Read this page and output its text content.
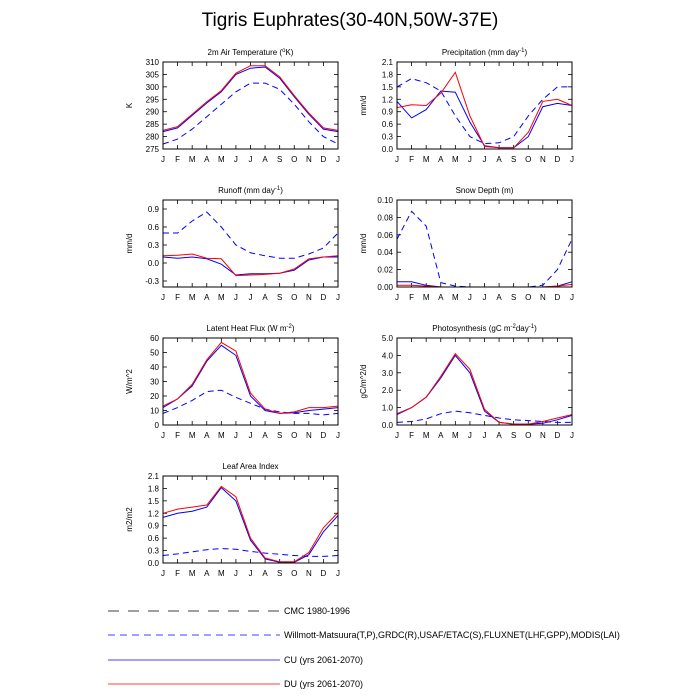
Tigris Euphrates(30-40N,50W-37E)
2m Air Temperature ($^o$K)
K
275
280
285
290
295
300
305
310
J F M A M J J A S O N D J
Precipitation (mm day$^{-1}$)
mm/d
0.0
0.3
0.6
0.9
1.2
1.5
1.8
2.1
J F M A M J J A S O N D J
Runoff (mm day$^{-1}$)
mm/d
-0.3
0.0
0.3
0.6
0.9
J F M A M J J A S O N D J
Snow Depth (m)
mm/d
0.00
0.02
0.04
0.06
0.08
0.10
J F M A M J J A S O N D J
Latent Heat Flux (W $m^{-2}$)
W/m^2
0
10
20
30
40
50
60
J F M A M J J A S O N D J
Photosynthesis (gC $m^{-2}day^{-1}$)
gC/m^2/d
0.0
1.0
2.0
3.0
4.0
5.0
J F M A M J J A S O N D J
Leaf Area Index
m2/m2
0.0
0.3
0.6
0.9
1.2
1.5
1.8
2.1
J F M A M J J A S O N D J
CMC 1980-1996
Willmott-Matsuura(T,P),GRDC(R),USAF/ETAC(S),FLUXNET(LHF,GPP),MODIS(LAI)
CU (yrs 2061-2070)
DU (yrs 2061-2070)
